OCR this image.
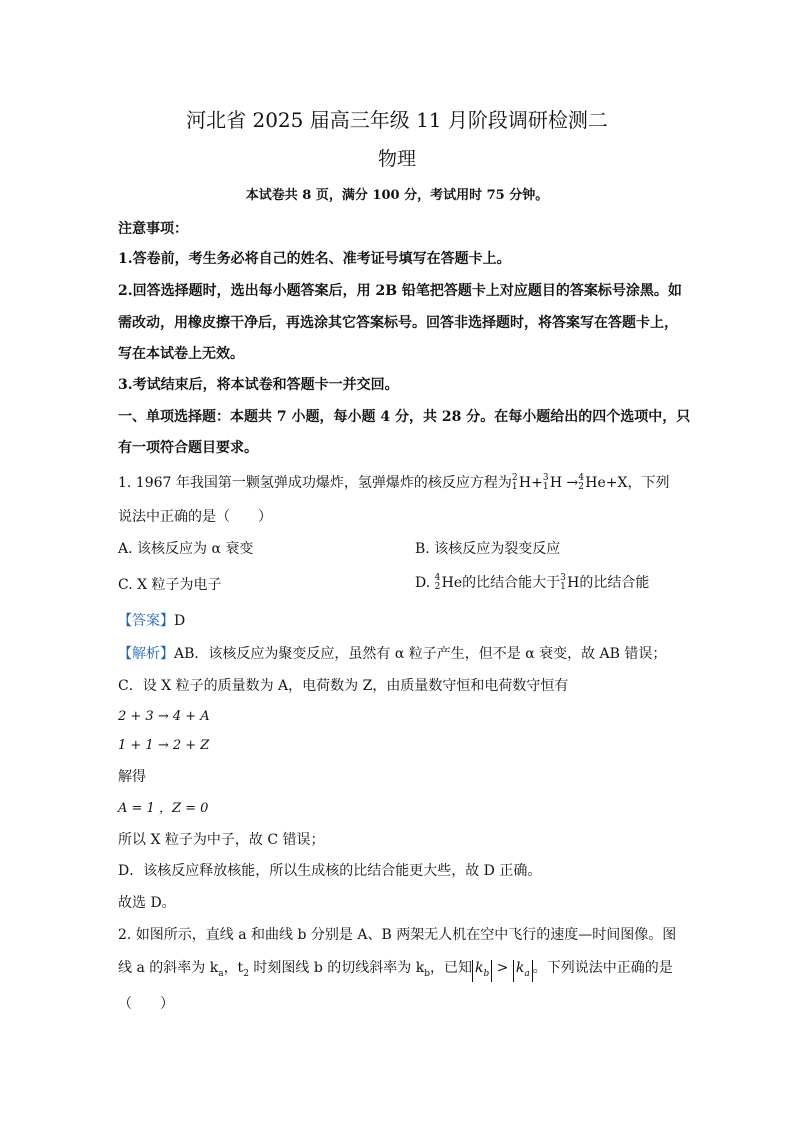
河北省 2025 届高三年级 11 月阶段调研检测二
物理
本试卷共 8 页，满分 100 分，考试用时 75 分钟。
注意事项：
1.答卷前，考生务必将自己的姓名、准考证号填写在答题卡上。
2.回答选择题时，选出每小题答案后，用 2B 铅笔把答题卡上对应题目的答案标号涂黑。如
需改动，用橡皮擦干净后，再选涂其它答案标号。回答非选择题时，将答案写在答题卡上，
写在本试卷上无效。
3.考试结束后，将本试卷和答题卡一并交回。
一、单项选择题：本题共 7 小题，每小题 4 分，共 28 分。在每小题给出的四个选项中，只
有一项符合题目要求。
1. 1967 年我国第一颗氢弹成功爆炸，氢弹爆炸的核反应方程为 2
1 H+ 3
1 H → 4
2 He+X，下列
说法中正确的是（　　）
A. 该核反应为 α 衰变	B. 该核反应为裂变反应
C. X 粒子为电子	D. 4
2 He的比结合能大于 3
1 H的比结合能
【答案】D
【解析】AB．该核反应为聚变反应，虽然有 α 粒子产生，但不是 α 衰变，故 AB 错误；
C．设 X 粒子的质量数为 A，电荷数为 Z，由质量数守恒和电荷数守恒有
2 + 3 → 4 + A
1 + 1 → 2 + Z
解得
A = 1 ，Z = 0
所以 X 粒子为中子，故 C 错误；
D．该核反应释放核能，所以生成核的比结合能更大些，故 D 正确。
故选 D。
2. 如图所示，直线 a 和曲线 b 分别是 A、B 两架无人机在空中飞行的速度—时间图像。图
线 a 的斜率为 $k_a$，$t_2$ 时刻图线 b 的切线斜率为 $k_b$，已知 $k_b > k_a$ 。下列说法中正确的是
（　　）
